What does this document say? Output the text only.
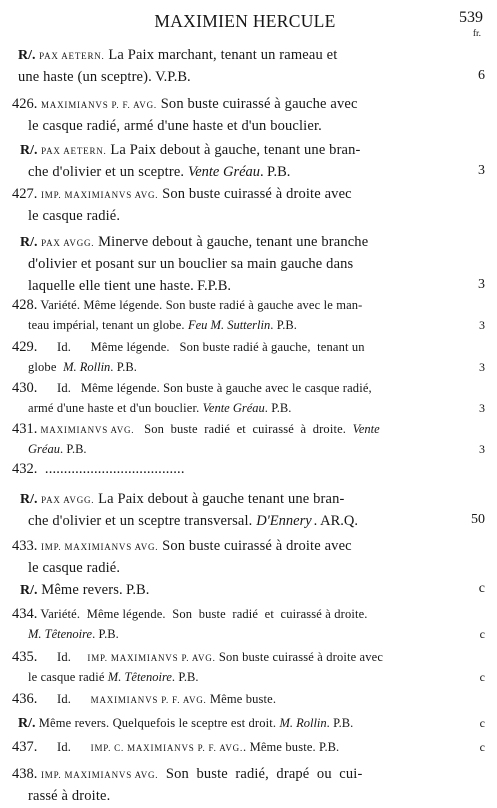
MAXIMIEN HERCULE	539
fr.
R/. PAX AETERN. La Paix marchant, tenant un rameau et
une haste (un sceptre). V.P.B.	6
426. MAXIMIANVS P. F. AVG. Son buste cuirassé à gauche avec
le casque radié, armé d'une haste et d'un bouclier.
R/. PAX AETERN. La Paix debout à gauche, tenant une bran-
che d'olivier et un sceptre. Vente Gréau. P.B.	3
427. IMP. MAXIMIANVS AVG. Son buste cuirassé à droite avec
le casque radié.
R/. PAX AVGG. Minerve debout à gauche, tenant une branche
d'olivier et posant sur un bouclier sa main gauche dans
laquelle elle tient une haste. F.P.B.	3
428. Variété. Même légende. Son buste radié à gauche avec le man-
teau impérial, tenant un globe. Feu M. Sutterlin. P.B.	3
429.      Id.      Même légende.   Son buste radié à gauche,  tenant un
globe  M. Rollin. P.B.	3
430.      Id.   Même légende. Son buste à gauche avec le casque radié,
armé d'une haste et d'un bouclier. Vente Gréau. P.B.	3
431. MAXIMIANVS AVG.   Son  buste  radié  et  cuirassé  à  droite.  Vente
Gréau. P.B.	3
432.  .....................................
R/. PAX AVGG. La Paix debout à gauche tenant une bran-
che d'olivier et un sceptre transversal. D'Ennery . AR.Q.	50
433. IMP. MAXIMIANVS AVG. Son buste cuirassé à droite avec
le casque radié.
R/. Même revers. P.B.	c
434. Variété.  Même légende.  Son  buste  radié  et  cuirassé à droite.
M. Têtenoire. P.B.	c
435.      Id.     IMP. MAXIMIANVS P. AVG. Son buste cuirassé à droite avec
le casque radié M. Têtenoire. P.B.	c
436.      Id.      MAXIMIANVS P. F. AVG. Même buste.
R/. Même revers. Quelquefois le sceptre est droit. M. Rollin. P.B.	c
437.      Id.      IMP. C. MAXIMIANVS P. F. AVG.. Même buste. P.B.	c
438. IMP. MAXIMIANVS AVG.  Son  buste  radié,  drapé  ou  cui-
rassé à droite.
